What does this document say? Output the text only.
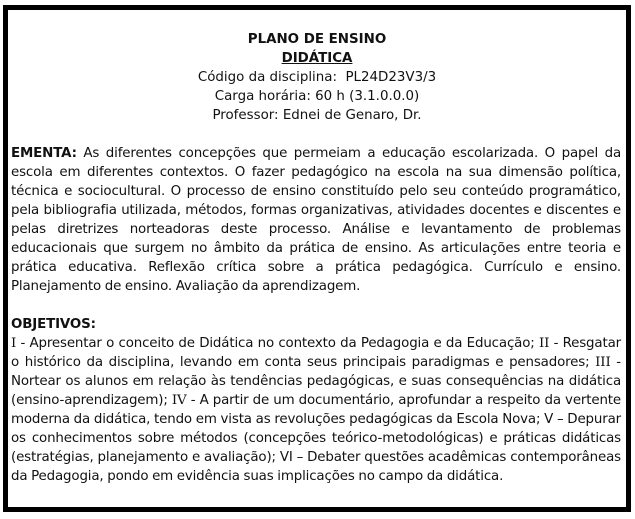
PLANO DE ENSINO
DIDÁTICA
Código da disciplina:  PL24D23V3/3
Carga horária: 60 h (3.1.0.0.0)
Professor: Ednei de Genaro, Dr.
EMENTA: As diferentes concepções que permeiam a educação escolarizada. O papel da escola em diferentes contextos. O fazer pedagógico na escola na sua dimensão política, técnica e sociocultural. O processo de ensino constituído pelo seu conteúdo programático, pela bibliografia utilizada, métodos, formas organizativas, atividades docentes e discentes e pelas diretrizes norteadoras deste processo. Análise e levantamento de problemas educacionais que surgem no âmbito da prática de ensino. As articulações entre teoria e prática educativa. Reflexão crítica sobre a prática pedagógica. Currículo e ensino. Planejamento de ensino. Avaliação da aprendizagem.
OBJETIVOS:
I - Apresentar o conceito de Didática no contexto da Pedagogia e da Educação; II - Resgatar o histórico da disciplina, levando em conta seus principais paradigmas e pensadores; III - Nortear os alunos em relação às tendências pedagógicas, e suas consequências na didática (ensino-aprendizagem); IV - A partir de um documentário, aprofundar a respeito da vertente moderna da didática, tendo em vista as revoluções pedagógicas da Escola Nova; V – Depurar os conhecimentos sobre métodos (concepções teórico-metodológicas) e práticas didáticas (estratégias, planejamento e avaliação); VI – Debater questões acadêmicas contemporâneas da Pedagogia, pondo em evidência suas implicações no campo da didática.
